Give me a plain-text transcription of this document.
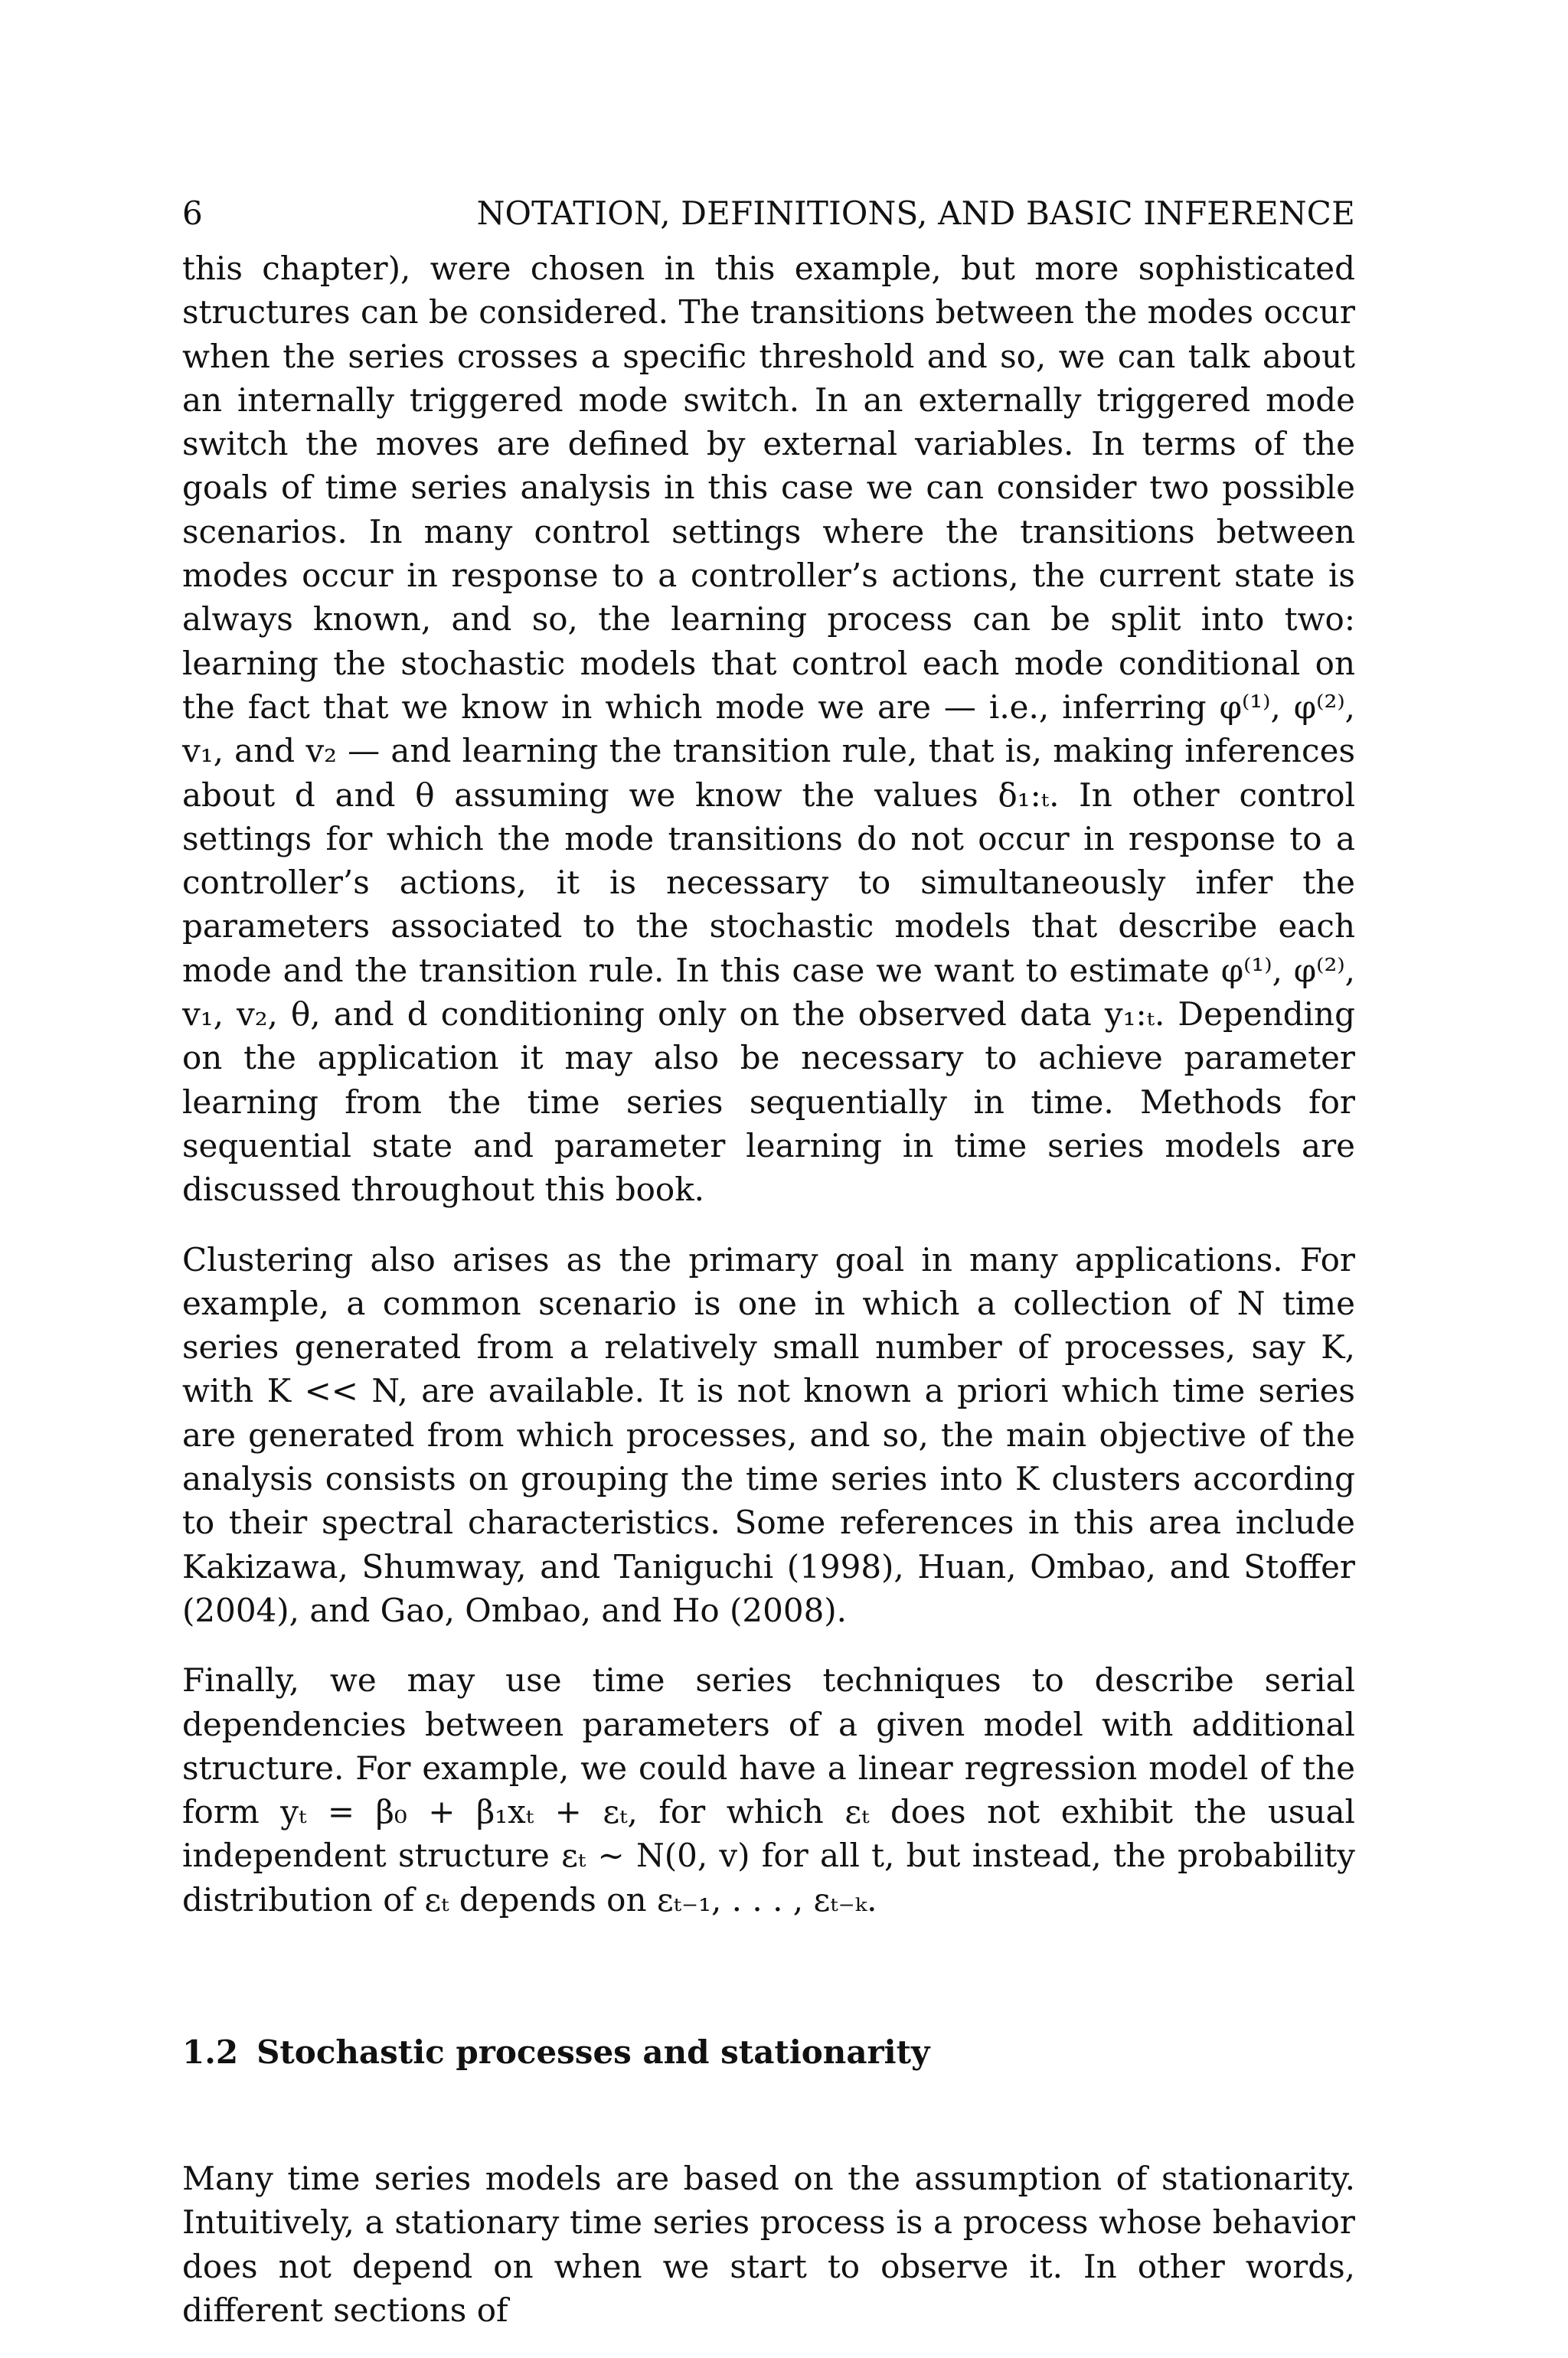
6	NOTATION, DEFINITIONS, AND BASIC INFERENCE

this chapter), were chosen in this example, but more sophisticated structures can be considered. The transitions between the modes occur when the series crosses a specific threshold and so, we can talk about an internally triggered mode switch. In an externally triggered mode switch the moves are defined by external variables. In terms of the goals of time series analysis in this case we can consider two possible scenarios. In many control settings where the transitions between modes occur in response to a controller’s actions, the current state is always known, and so, the learning process can be split into two: learning the stochastic models that control each mode conditional on the fact that we know in which mode we are — i.e., inferring φ⁽¹⁾, φ⁽²⁾, v₁, and v₂ — and learning the transition rule, that is, making inferences about d and θ assuming we know the values δ₁:ₜ. In other control settings for which the mode transitions do not occur in response to a controller’s actions, it is necessary to simultaneously infer the parameters associated to the stochastic models that describe each mode and the transition rule. In this case we want to estimate φ⁽¹⁾, φ⁽²⁾, v₁, v₂, θ, and d conditioning only on the observed data y₁:ₜ. Depending on the application it may also be necessary to achieve parameter learning from the time series sequentially in time. Methods for sequential state and parameter learning in time series models are discussed throughout this book.

Clustering also arises as the primary goal in many applications. For example, a common scenario is one in which a collection of N time series generated from a relatively small number of processes, say K, with K << N, are available. It is not known a priori which time series are generated from which processes, and so, the main objective of the analysis consists on grouping the time series into K clusters according to their spectral characteristics. Some references in this area include Kakizawa, Shumway, and Taniguchi (1998), Huan, Ombao, and Stoffer (2004), and Gao, Ombao, and Ho (2008).

Finally, we may use time series techniques to describe serial dependencies between parameters of a given model with additional structure. For example, we could have a linear regression model of the form yₜ = β₀ + β₁xₜ + εₜ, for which εₜ does not exhibit the usual independent structure εₜ ∼ N(0, v) for all t, but instead, the probability distribution of εₜ depends on εₜ₋₁, . . . , εₜ₋ₖ.

1.2 Stochastic processes and stationarity

Many time series models are based on the assumption of stationarity. Intuitively, a stationary time series process is a process whose behavior does not depend on when we start to observe it. In other words, different sections of
